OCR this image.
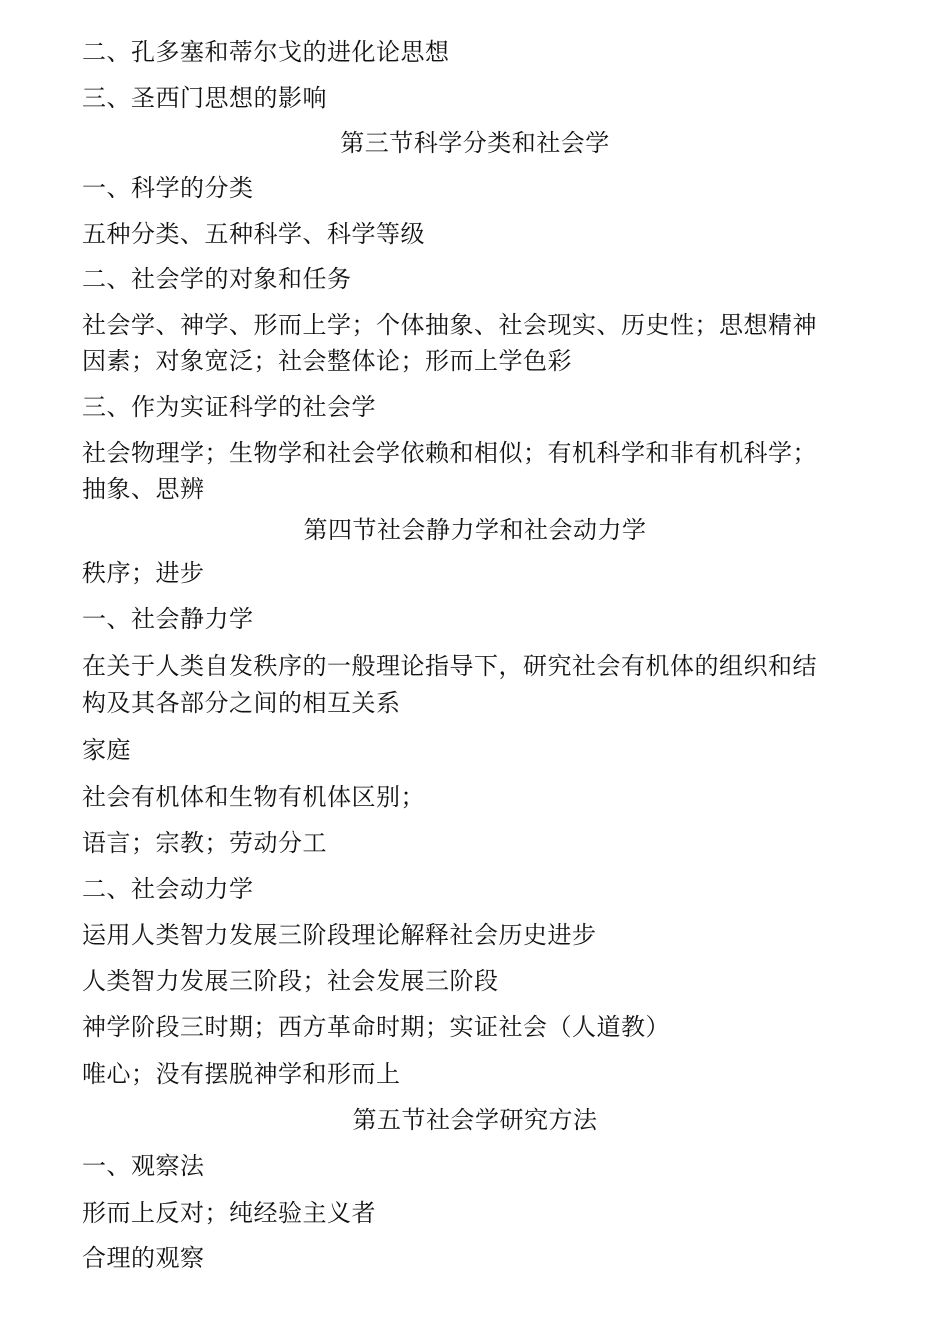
二、孔多塞和蒂尔戈的进化论思想
三、圣西门思想的影响
第三节科学分类和社会学
一、科学的分类
五种分类、五种科学、科学等级
二、社会学的对象和任务
社会学、神学、形而上学；个体抽象、社会现实、历史性；思想精神
因素；对象宽泛；社会整体论；形而上学色彩
三、作为实证科学的社会学
社会物理学；生物学和社会学依赖和相似；有机科学和非有机科学；
抽象、思辨
第四节社会静力学和社会动力学
秩序；进步
一、社会静力学
在关于人类自发秩序的一般理论指导下，研究社会有机体的组织和结
构及其各部分之间的相互关系
家庭
社会有机体和生物有机体区别；
语言；宗教；劳动分工
二、社会动力学
运用人类智力发展三阶段理论解释社会历史进步
人类智力发展三阶段；社会发展三阶段
神学阶段三时期；西方革命时期；实证社会（人道教）
唯心；没有摆脱神学和形而上
第五节社会学研究方法
一、观察法
形而上反对；纯经验主义者
合理的观察
